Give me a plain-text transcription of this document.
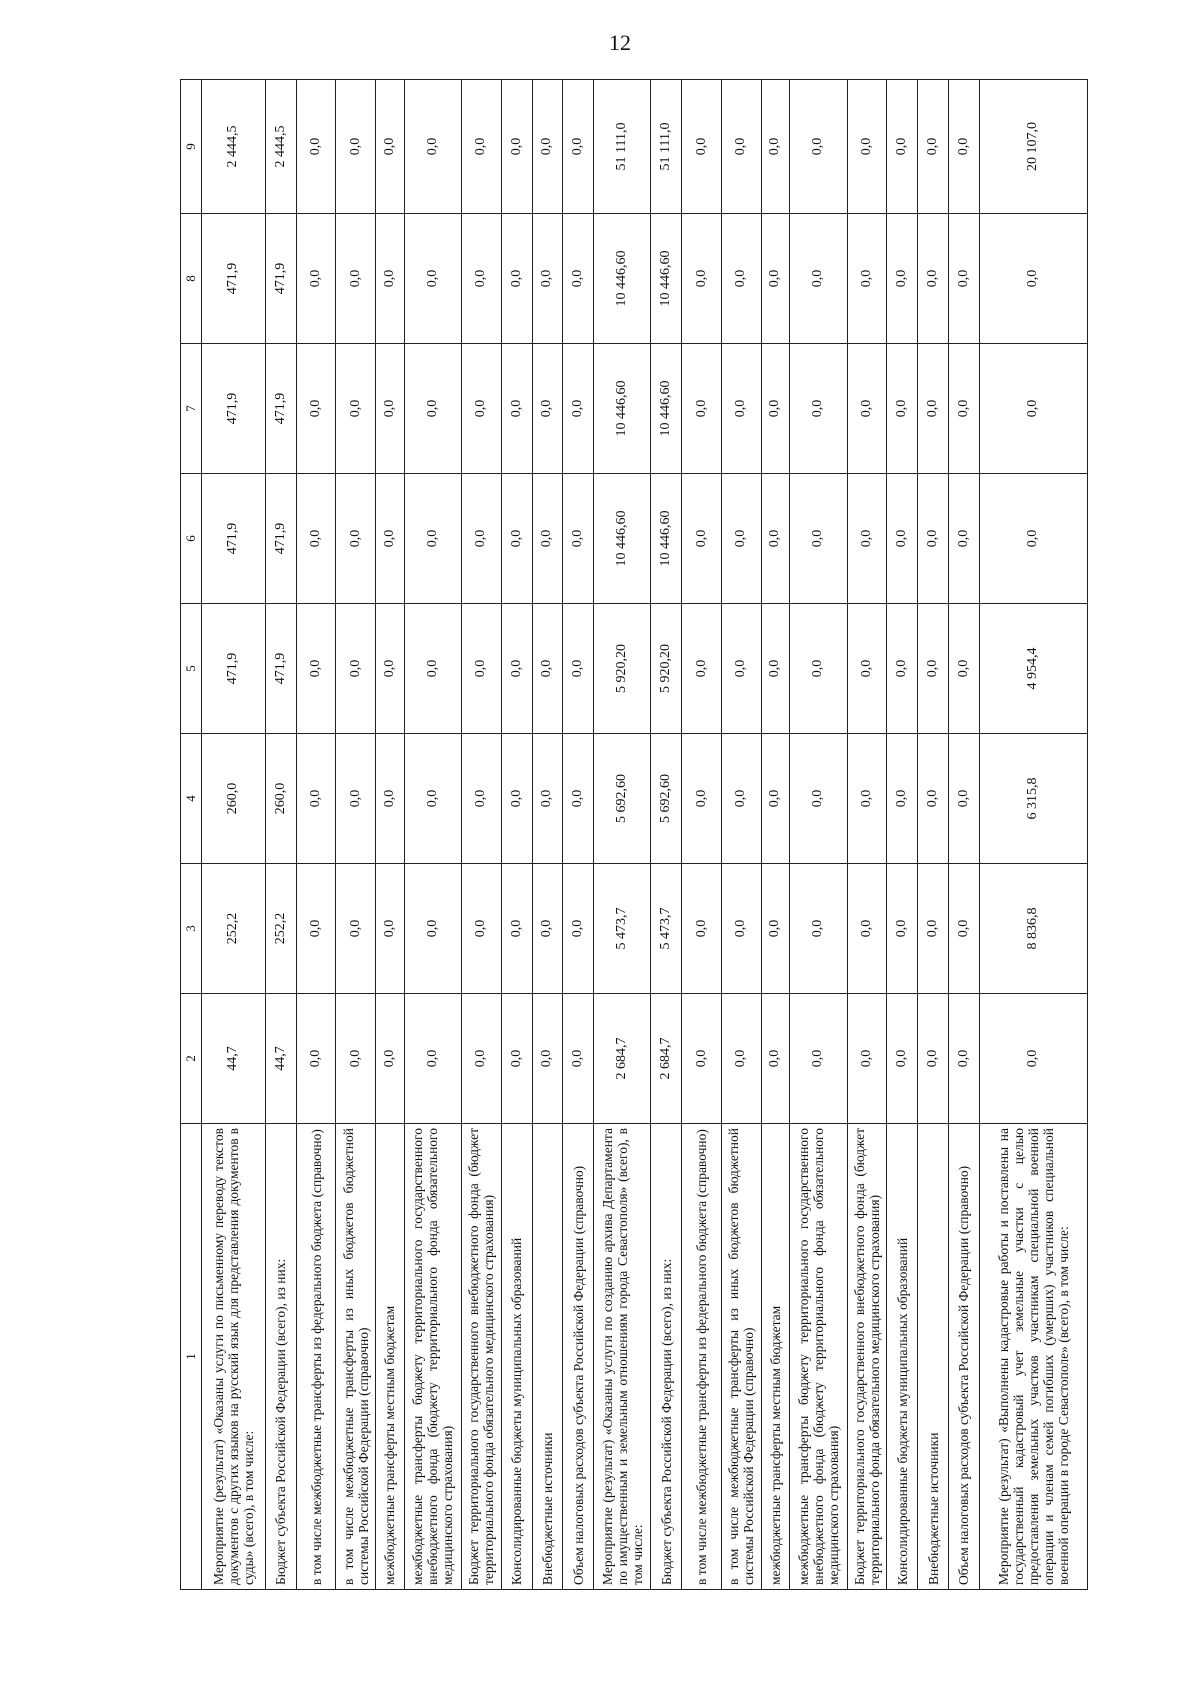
12
1	2	3	4	5	6	7	8	9
Мероприятие (результат) «Оказаны услуги по письменному переводу текстов документов с других языков на русский язык для представления документов в суды» (всего), в том числе:	44,7	252,2	260,0	471,9	471,9	471,9	471,9	2 444,5
Бюджет субъекта Российской Федерации (всего), из них:	44,7	252,2	260,0	471,9	471,9	471,9	471,9	2 444,5
в том числе межбюджетные трансферты из федерального бюджета (справочно)	0,0	0,0	0,0	0,0	0,0	0,0	0,0	0,0
в том числе межбюджетные трансферты из иных бюджетов бюджетной системы Российской Федерации (справочно)	0,0	0,0	0,0	0,0	0,0	0,0	0,0	0,0
межбюджетные трансферты местным бюджетам	0,0	0,0	0,0	0,0	0,0	0,0	0,0	0,0
межбюджетные трансферты бюджету территориального государственного внебюджетного фонда (бюджету территориального фонда обязательного медицинского страхования)	0,0	0,0	0,0	0,0	0,0	0,0	0,0	0,0
Бюджет территориального государственного внебюджетного фонда (бюджет территориального фонда обязательного медицинского страхования)	0,0	0,0	0,0	0,0	0,0	0,0	0,0	0,0
Консолидированные бюджеты муниципальных образований	0,0	0,0	0,0	0,0	0,0	0,0	0,0	0,0
Внебюджетные источники	0,0	0,0	0,0	0,0	0,0	0,0	0,0	0,0
Объем налоговых расходов субъекта Российской Федерации (справочно)	0,0	0,0	0,0	0,0	0,0	0,0	0,0	0,0
Мероприятие (результат) «Оказаны услуги по созданию архива Департамента по имущественным и земельным отношениям города Севастополя» (всего), в том числе:	2 684,7	5 473,7	5 692,60	5 920,20	10 446,60	10 446,60	10 446,60	51 111,0
Бюджет субъекта Российской Федерации (всего), из них:	2 684,7	5 473,7	5 692,60	5 920,20	10 446,60	10 446,60	10 446,60	51 111,0
в том числе межбюджетные трансферты из федерального бюджета (справочно)	0,0	0,0	0,0	0,0	0,0	0,0	0,0	0,0
в том числе межбюджетные трансферты из иных бюджетов бюджетной системы Российской Федерации (справочно)	0,0	0,0	0,0	0,0	0,0	0,0	0,0	0,0
межбюджетные трансферты местным бюджетам	0,0	0,0	0,0	0,0	0,0	0,0	0,0	0,0
межбюджетные трансферты бюджету территориального государственного внебюджетного фонда (бюджету территориального фонда обязательного медицинского страхования)	0,0	0,0	0,0	0,0	0,0	0,0	0,0	0,0
Бюджет территориального государственного внебюджетного фонда (бюджет территориального фонда обязательного медицинского страхования)	0,0	0,0	0,0	0,0	0,0	0,0	0,0	0,0
Консолидированные бюджеты муниципальных образований	0,0	0,0	0,0	0,0	0,0	0,0	0,0	0,0
Внебюджетные источники	0,0	0,0	0,0	0,0	0,0	0,0	0,0	0,0
Объем налоговых расходов субъекта Российской Федерации (справочно)	0,0	0,0	0,0	0,0	0,0	0,0	0,0	0,0
Мероприятие (результат) «Выполнены кадастровые работы и поставлены на государственный кадастровый учет земельные участки с целью предоставления земельных участков участникам специальной военной операции и членам семей погибших (умерших) участников специальной военной операции в городе Севастополе» (всего), в том числе:	0,0	8 836,8	6 315,8	4 954,4	0,0	0,0	0,0	20 107,0
